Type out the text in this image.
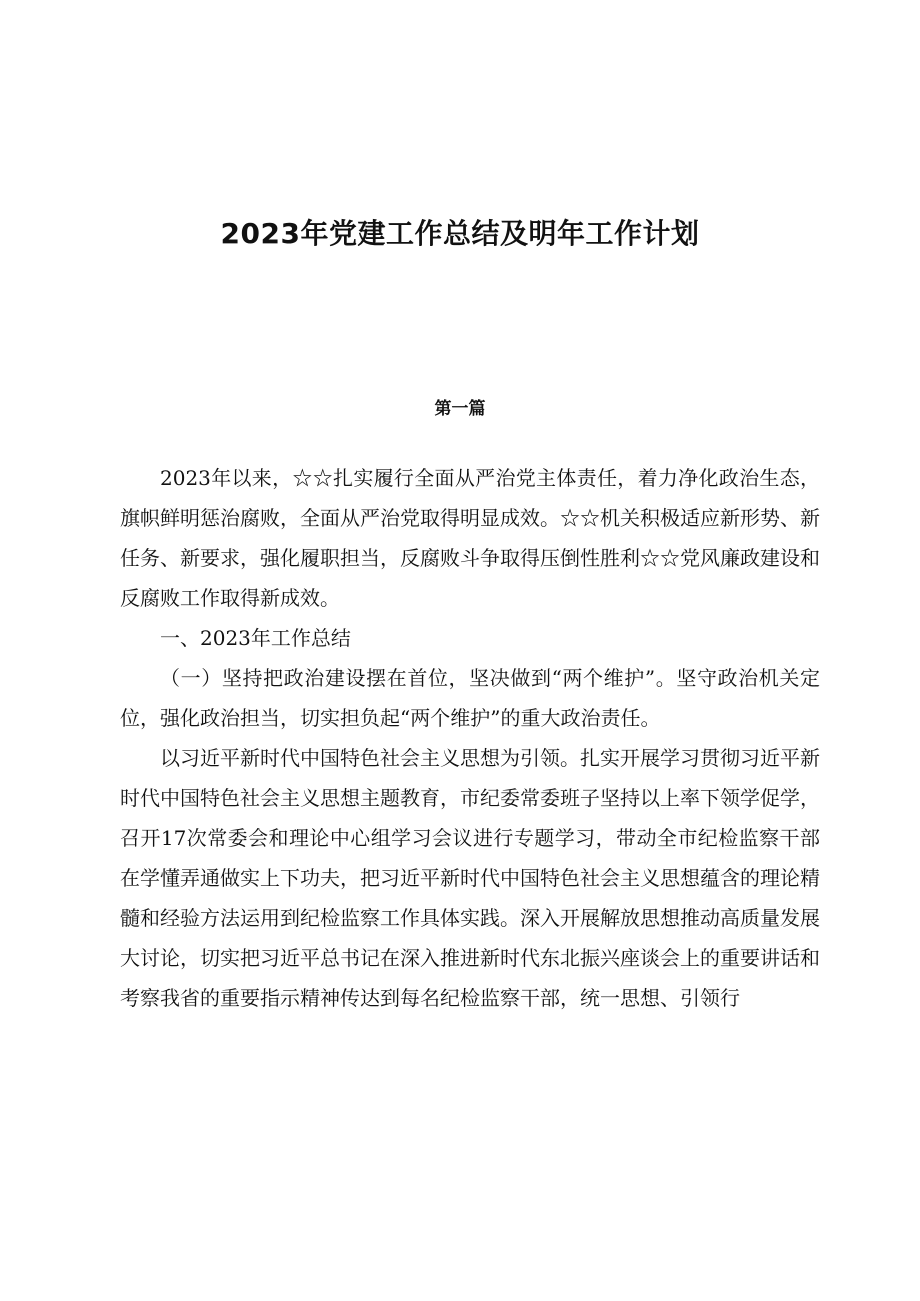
2023年党建工作总结及明年工作计划
第一篇

2023年以来，☆☆扎实履行全面从严治党主体责任，着力净化政治生态，旗帜鲜明惩治腐败，全面从严治党取得明显成效。☆☆机关积极适应新形势、新任务、新要求，强化履职担当，反腐败斗争取得压倒性胜利☆☆党风廉政建设和反腐败工作取得新成效。

一、2023年工作总结

（一）坚持把政治建设摆在首位，坚决做到“两个维护”。坚守政治机关定位，强化政治担当，切实担负起“两个维护”的重大政治责任。

以习近平新时代中国特色社会主义思想为引领。扎实开展学习贯彻习近平新时代中国特色社会主义思想主题教育，市纪委常委班子坚持以上率下领学促学，召开17次常委会和理论中心组学习会议进行专题学习，带动全市纪检监察干部在学懂弄通做实上下功夫，把习近平新时代中国特色社会主义思想蕴含的理论精髓和经验方法运用到纪检监察工作具体实践。深入开展解放思想推动高质量发展大讨论，切实把习近平总书记在深入推进新时代东北振兴座谈会上的重要讲话和考察我省的重要指示精神传达到每名纪检监察干部，统一思想、引领行
